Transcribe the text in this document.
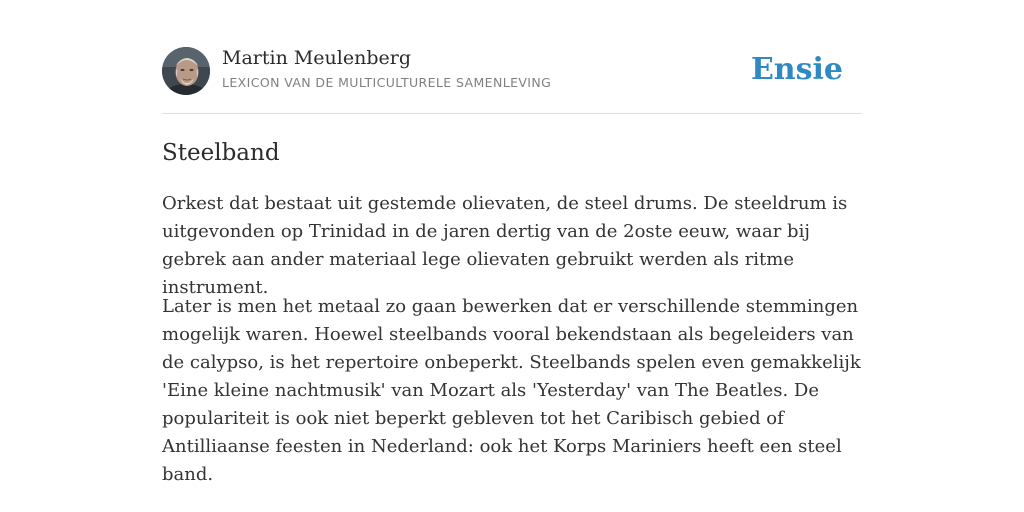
Martin Meulenberg
LEXICON VAN DE MULTICULTURELE SAMENLEVING	Ensie
Steelband

Orkest dat bestaat uit gestemde olievaten, de steel drums. De steeldrum is uitgevonden op Trinidad in de jaren dertig van de 2oste eeuw, waar bij gebrek aan ander materiaal lege olievaten gebruikt werden als ritme instrument.

Later is men het metaal zo gaan bewerken dat er verschillende stemmingen mogelijk waren. Hoewel steelbands vooral bekendstaan als begeleiders van de calypso, is het repertoire onbeperkt. Steelbands spelen even gemakkelijk 'Eine kleine nachtmusik' van Mozart als 'Yesterday' van The Beatles. De populariteit is ook niet beperkt gebleven tot het Caribisch gebied of Antilliaanse feesten in Nederland: ook het Korps Mariniers heeft een steel band.
